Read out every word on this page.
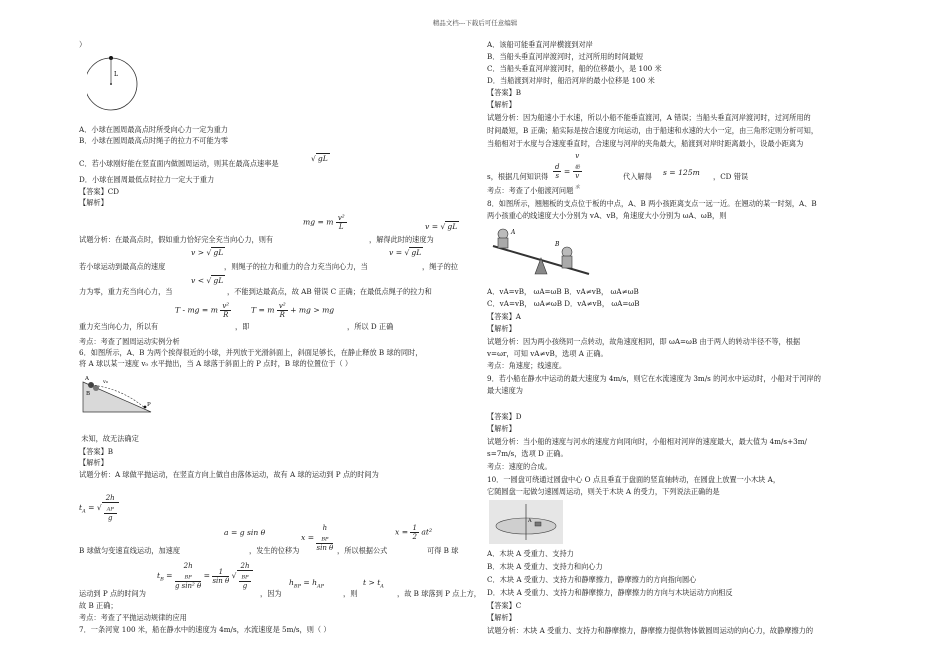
精品文档---下载后可任意编辑
）
L
A．小球在圆周最高点时所受向心力一定为重力
B．小球在圆周最高点时绳子的拉力不可能为零
C．若小球刚好能在竖直面内做圆周运动，则其在最高点速率是
√ gL
D．小球在圆周最低点时拉力一定大于重力
【答案】CD
【解析】
mg = m $\frac{\text{v²}}{L}$	v = √ gL
试题分析：在最高点时，假如重力恰好完全充当向心力，则有	，解得此时的速度为
v > √ gL	v = √ gL
若小球运动到最高点的速度	，则绳子的拉力和重力的合力充当向心力，当	，绳子的拉
v < √ gL
力为零，重力充当向心力，当	，不能到达最高点，故 AB 错误 C 正确；在最低点绳子的拉力和
T - mg = m $\frac{\text{v²}}{R}$	T = m $\frac{\text{v²}}{R}$ + mg > mg
重力充当向心力，所以有	，即	，所以 D 正确
考点：考查了圆周运动实例分析
6．如图所示，A、B 为两个挨得很近的小球，并列放于光滑斜面上，斜面足够长，在静止释放 B 球的同时，
将 A 球以某一速度 v₀ 水平抛出，当 A 球落于斜面上的 P 点时，B 球的位置位于（ ）
A
B
P
v₀
未知，故无法确定
【答案】B
【解析】
试题分析：A 球做平抛运动，在竖直方向上做自由落体运动，故有 A 球的运动到 P 点的时间为
$t_A$ = √ 2h
$_{AP}$
g
a = g sin θ
x = h
$_{BP}$
sin θ	$x = \frac{1}{2} at^2$
B 球做匀变速直线运动，加速度	，发生的位移为	，所以根据公式	可得 B 球
$t_B = 2h$
$_{BP}$
g sin² $\theta = \frac{1}{\text{sin θ}}$ √ 2h
$_{BP}$
g	$h_{BP} = h_{AP}$	$t > t_A$
运动到 P 点的时间为	，因为	，则	，故 B 球落到 P 点上方，
故 B 正确；
考点：考查了平抛运动规律的应用
7．一条河宽 100 米，船在静水中的速度为 4m/s，水流速度是 5m/s，则（ ）
A．该船可能垂直河岸横渡到对岸
B．当船头垂直河岸渡河时，过河所用的时间最短
C．当船头垂直河岸渡河时，船的位移最小，是 100 米
D．当船渡到对岸时，船沿河岸的最小位移是 100 米
【答案】B
【解析】
试题分析：因为船速小于水速，所以小船不能垂直渡河，A 错误；当船头垂直河岸渡河时，过河所用的
时间最短，B 正确；船实际是按合速度方向运动，由于船速和水速的大小一定，由三角形定则分析可知，
当船相对于水度与合速度垂直时，合速度与河岸的夹角最大，船渡到对岸时距离最小，设最小距离为
$\frac{d}{s} = v$
$_船$
v
$_水$
s，根据几何知识得	代入解得 s = 125m ，CD 错误
考点：考查了小船渡河问题
8．如图所示，翘翘板的支点位于板的中点，A、B 两小孩距离支点一远一近。在翘动的某一时刻，A、B
两小孩重心的线速度大小分别为 vA、vB，角速度大小分别为 ωA、ωB，则
A
B
A．vA=vB， ωA=ωB B．vA≠vB， ωA≠ωB
C．vA=vB， ωA≠ωB D．vA≠vB， ωA=ωB
【答案】A
【解析】
试题分析：因为两小孩绕同一点转动，故角速度相同，即 ωA=ωB 由于两人的转动半径不等，根据
v=ωr，可知 vA≠vB，选项 A 正确。
考点：角速度；线速度。
9．若小船在静水中运动的最大速度为 4m/s，则它在水流速度为 3m/s 的河水中运动时，小船对于河岸的
最大速度为
【答案】D
【解析】
试题分析：当小船的速度与河水的速度方向同向时，小船相对河岸的速度最大，最大值为 4m/s+3m/
s=7m/s，选项 D 正确。
考点：速度的合成。
10．一圆盘可绕通过圆盘中心 O 点且垂直于盘面的竖直轴转动，在圆盘上放置一小木块 A，
它随圆盘一起做匀速圆周运动，则关于木块 A 的受力，下列说法正确的是
A
A．木块 A 受重力、支持力
B．木块 A 受重力、支持力和向心力
C．木块 A 受重力、支持力和静摩擦力，静摩擦力的方向指向圆心
D．木块 A 受重力、支持力和静摩擦力，静摩擦力的方向与木块运动方向相反
【答案】C
【解析】
试题分析：木块 A 受重力、支持力和静摩擦力，静摩擦力提供物体做圆周运动的向心力，故静摩擦力的
